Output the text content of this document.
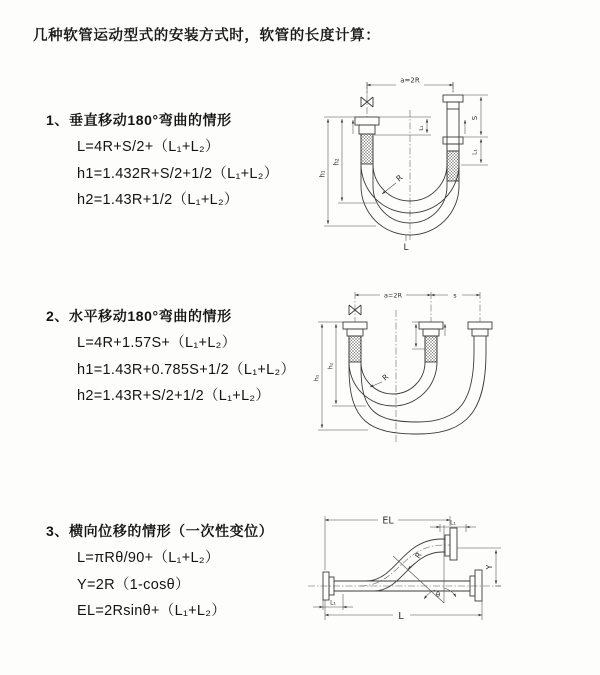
几种软管运动型式的安装方式时，软管的长度计算：
1、垂直移动180°弯曲的情形
L=4R+S/2+（L₁+L₂）
h1=1.432R+S/2+1/2（L₁+L₂）
h2=1.43R+1/2（L₁+L₂）
a=2R
h₁
h₂
S
L₁
L₁
R
L
2、水平移动180°弯曲的情形
L=4R+1.57S+（L₁+L₂）
h1=1.43R+0.785S+1/2（L₁+L₂）
h2=1.43R+S/2+1/2（L₁+L₂）
a=2R	s
h₁
h₂
R
3、横向位移的情形（一次性变位）
L=πRθ/90+（L₁+L₂）
Y=2R（1-cosθ）
EL=2Rsinθ+（L₁+L₂）
EL	L₁
Y
R
θ
L
L₁
